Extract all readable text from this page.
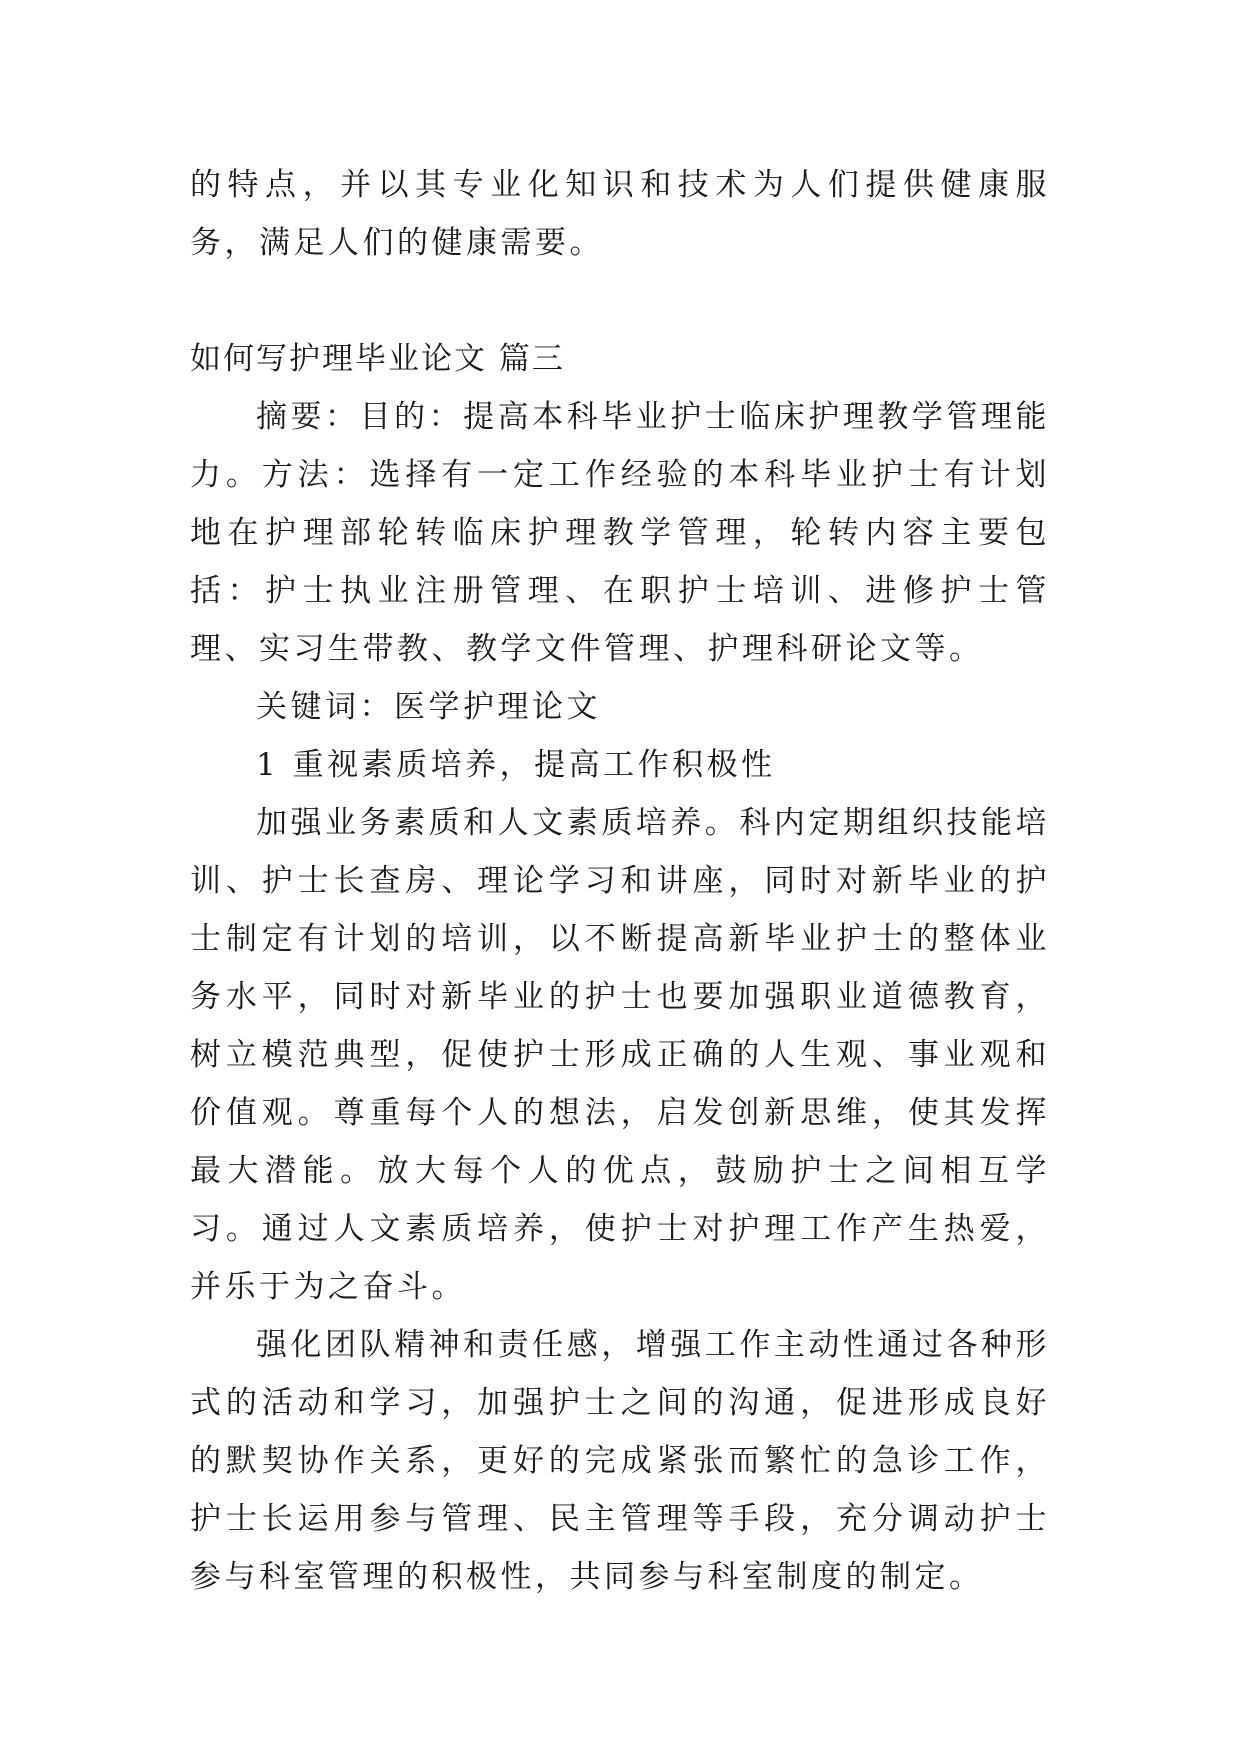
的特点，并以其专业化知识和技术为人们提供健康服务，满足人们的健康需要。

如何写护理毕业论文 篇三

摘要：目的：提高本科毕业护士临床护理教学管理能力。方法：选择有一定工作经验的本科毕业护士有计划地在护理部轮转临床护理教学管理，轮转内容主要包括：护士执业注册管理、在职护士培训、进修护士管理、实习生带教、教学文件管理、护理科研论文等。

关键词：医学护理论文

1 重视素质培养，提高工作积极性

加强业务素质和人文素质培养。科内定期组织技能培训、护士长查房、理论学习和讲座，同时对新毕业的护士制定有计划的培训，以不断提高新毕业护士的整体业务水平，同时对新毕业的护士也要加强职业道德教育，树立模范典型，促使护士形成正确的人生观、事业观和价值观。尊重每个人的想法，启发创新思维，使其发挥最大潜能。放大每个人的优点，鼓励护士之间相互学习。通过人文素质培养，使护士对护理工作产生热爱，并乐于为之奋斗。

强化团队精神和责任感，增强工作主动性通过各种形式的活动和学习，加强护士之间的沟通，促进形成良好的默契协作关系，更好的完成紧张而繁忙的急诊工作，护士长运用参与管理、民主管理等手段，充分调动护士参与科室管理的积极性，共同参与科室制度的制定。
